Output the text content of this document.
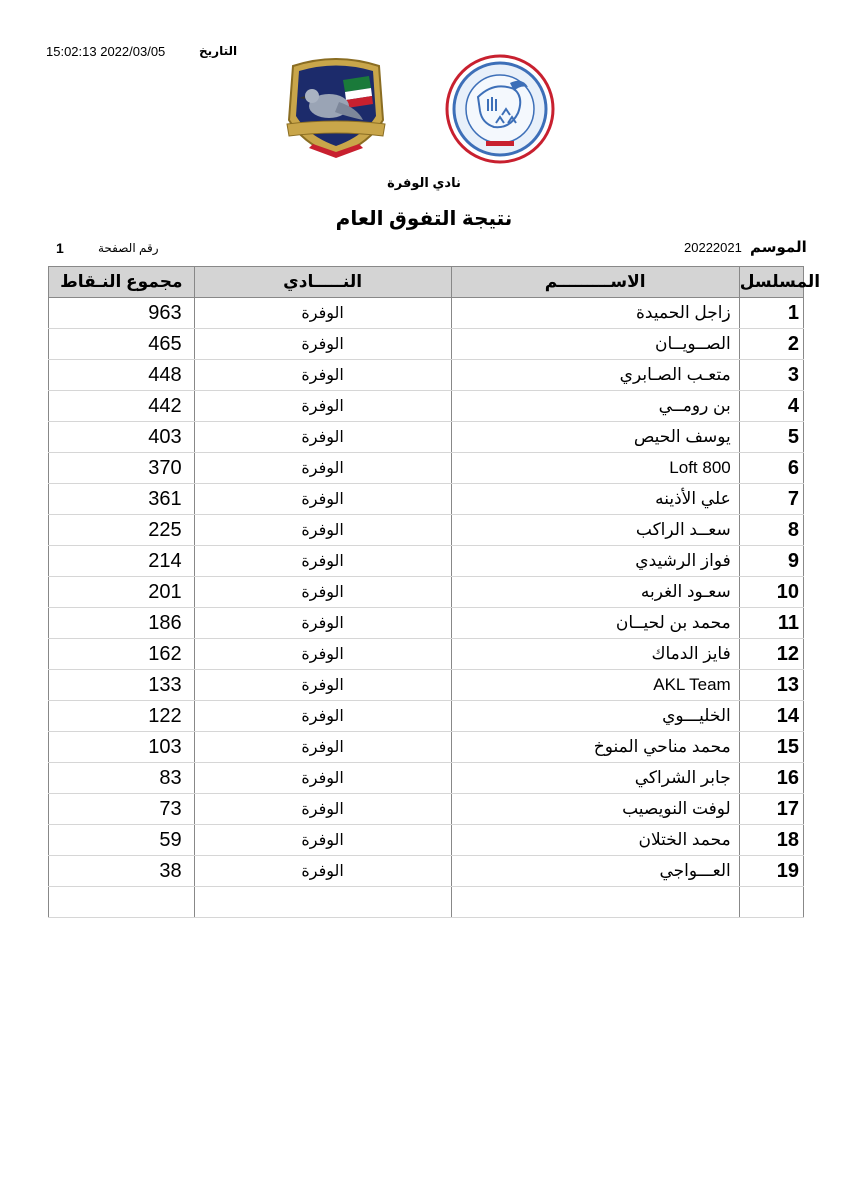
التاريخ
15:02:13 2022/03/05
نادي الوفرة
نتيجة التفوق العام
رقم الصفحة
1	الموسم
20222021
مجموع النـقاط	النـــــادي	الاســـــــــم	المسلسل
963	الوفرة	زاجل الحميدة	1
465	الوفرة	الصــويــان	2
448	الوفرة	متعـب الصـابري	3
442	الوفرة	بن رومــي	4
403	الوفرة	يوسف الحيص	5
370	الوفرة	Loft 800	6
361	الوفرة	علي الأذينه	7
225	الوفرة	سعــد الراكب	8
214	الوفرة	فواز الرشيدي	9
201	الوفرة	سعـود الغربه	10
186	الوفرة	محمد بن لحيــان	11
162	الوفرة	فايز الدماك	12
133	الوفرة	AKL Team	13
122	الوفرة	الخليـــوي	14
103	الوفرة	محمد مناحي المنوخ	15
83	الوفرة	جابر الشراكي	16
73	الوفرة	لوفت النويصيب	17
59	الوفرة	محمد الختلان	18
38	الوفرة	العـــواجي	19
